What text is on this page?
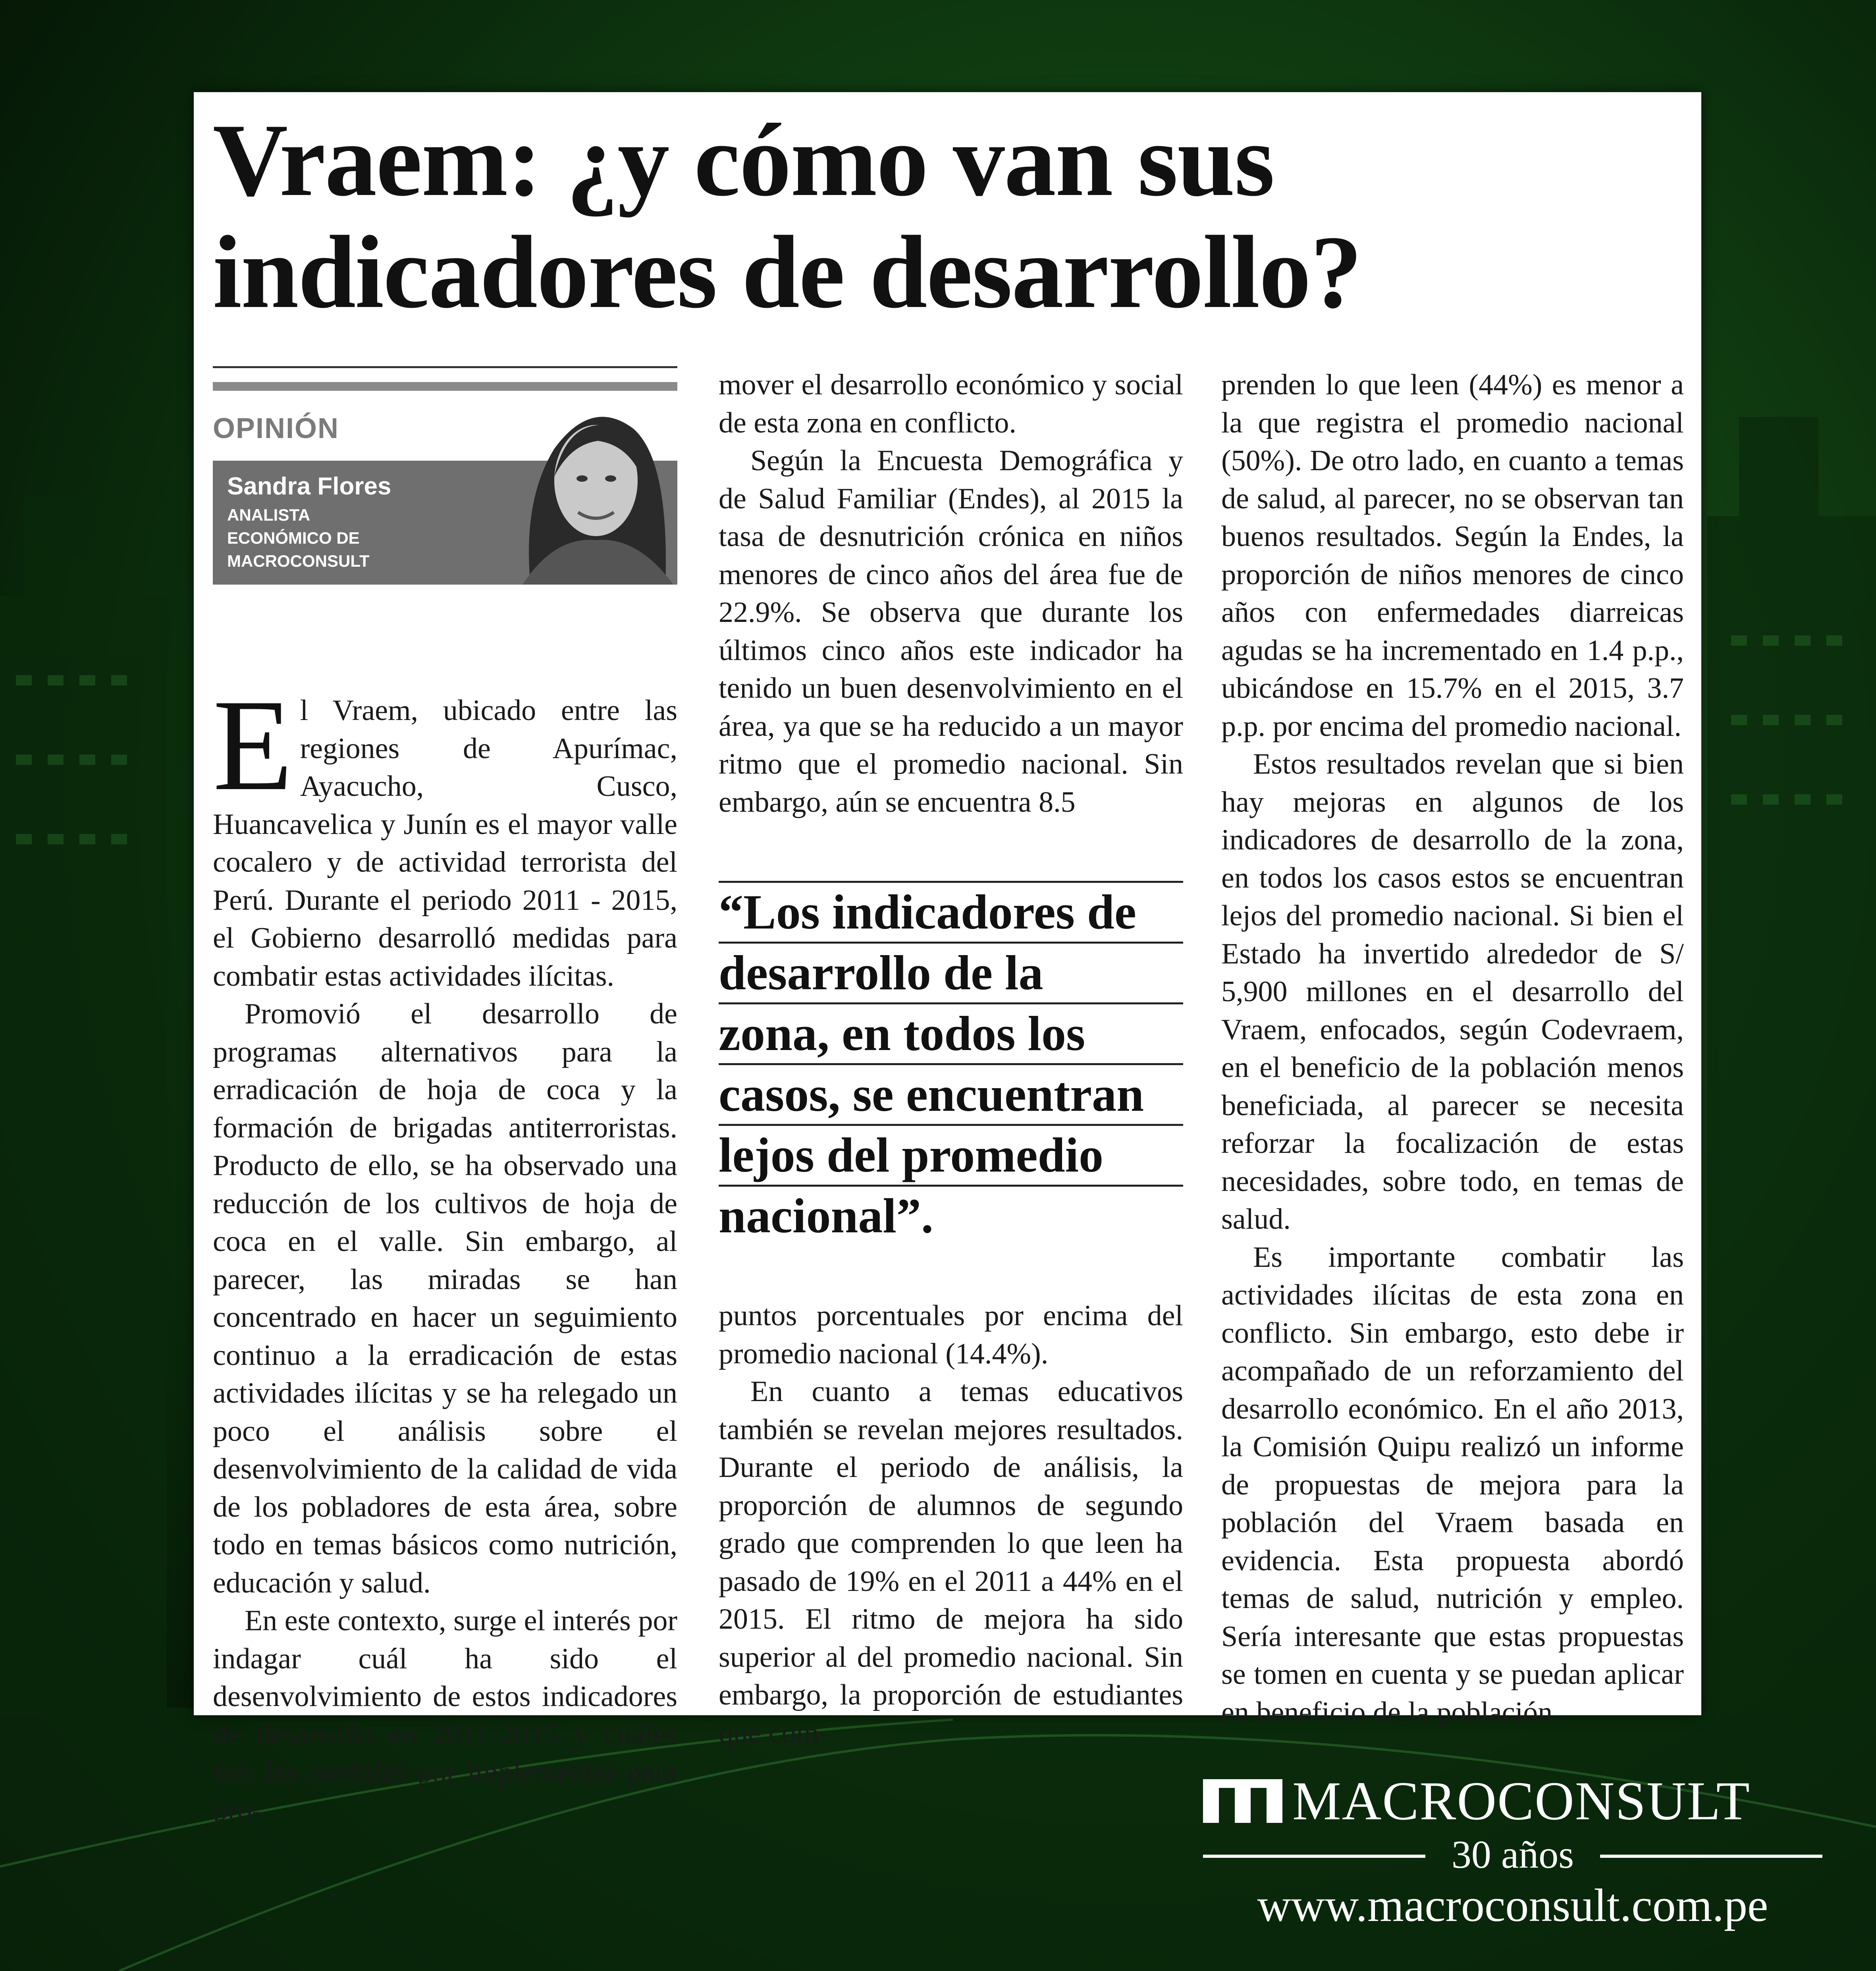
Vraem: ¿y cómo van sus
indicadores de desarrollo?
OPINIÓN
Sandra Flores
ANALISTA
ECONÓMICO DE
MACROCONSULT

El Vraem, ubicado entre las regiones de Apurímac, Ayacucho, Cusco, Huancavelica y Junín es el mayor valle cocalero y de actividad terrorista del Perú. Durante el periodo 2011 - 2015, el Gobierno desarrolló medidas para combatir estas actividades ilícitas.

Promovió el desarrollo de programas alternativos para la erradicación de hoja de coca y la formación de brigadas antiterroristas. Producto de ello, se ha observado una reducción de los cultivos de hoja de coca en el valle. Sin embargo, al parecer, las miradas se han concentrado en hacer un seguimiento continuo a la erradicación de estas actividades ilícitas y se ha relegado un poco el análisis sobre el desenvolvimiento de la calidad de vida de los pobladores de esta área, sobre todo en temas básicos como nutrición, educación y salud.

En este contexto, surge el interés por indagar cuál ha sido el desenvolvimiento de estos indicadores de desarrollo en 2011-2015 y cuáles son las medidas por implementar para pro-

mover el desarrollo económico y social de esta zona en conflicto.

Según la Encuesta Demográfica y de Salud Familiar (Endes), al 2015 la tasa de desnutrición crónica en niños menores de cinco años del área fue de 22.9%. Se observa que durante los últimos cinco años este indicador ha tenido un buen desenvolvimiento en el área, ya que se ha reducido a un mayor ritmo que el promedio nacional. Sin embargo, aún se encuentra 8.5

“Los indicadores de
desarrollo de la
zona, en todos los
casos, se encuentran
lejos del promedio
nacional”.

puntos porcentuales por encima del promedio nacional (14.4%).

En cuanto a temas educativos también se revelan mejores resultados. Durante el periodo de análisis, la proporción de alumnos de segundo grado que comprenden lo que leen ha pasado de 19% en el 2011 a 44% en el 2015. El ritmo de mejora ha sido superior al del promedio nacional. Sin embargo, la proporción de estudiantes que com-

prenden lo que leen (44%) es menor a la que registra el promedio nacional (50%). De otro lado, en cuanto a temas de salud, al parecer, no se observan tan buenos resultados. Según la Endes, la proporción de niños menores de cinco años con enfermedades diarreicas agudas se ha incrementado en 1.4 p.p., ubicándose en 15.7% en el 2015, 3.7 p.p. por encima del promedio nacional.

Estos resultados revelan que si bien hay mejoras en algunos de los indicadores de desarrollo de la zona, en todos los casos estos se encuentran lejos del promedio nacional. Si bien el Estado ha invertido alrededor de S/ 5,900 millones en el desarrollo del Vraem, enfocados, según Codevraem, en el beneficio de la población menos beneficiada, al parecer se necesita reforzar la focalización de estas necesidades, sobre todo, en temas de salud.

Es importante combatir las actividades ilícitas de esta zona en conflicto. Sin embargo, esto debe ir acompañado de un reforzamiento del desarrollo económico. En el año 2013, la Comisión Quipu realizó un informe de propuestas de mejora para la población del Vraem basada en evidencia. Esta propuesta abordó temas de salud, nutrición y empleo. Sería interesante que estas propuestas se tomen en cuenta y se puedan aplicar en beneficio de la población.

MACROCONSULT
30 años
www.macroconsult.com.pe
